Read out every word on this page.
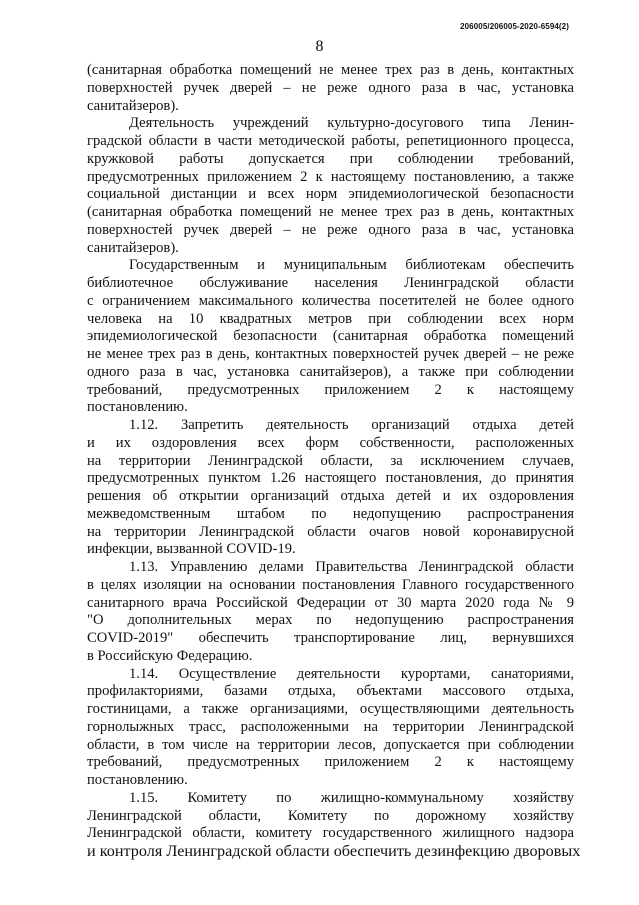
206005/206005-2020-6594(2)
8
(санитарная обработка помещений не менее трех раз в день, контактных
поверхностей ручек дверей – не реже одного раза в час, установка
санитайзеров).
Деятельность учреждений культурно-досугового типа Ленин-
градской области в части методической работы, репетиционного процесса,
кружковой работы допускается при соблюдении требований,
предусмотренных приложением 2 к настоящему постановлению, а также
социальной дистанции и всех норм эпидемиологической безопасности
(санитарная обработка помещений не менее трех раз в день, контактных
поверхностей ручек дверей – не реже одного раза в час, установка
санитайзеров).
Государственным и муниципальным библиотекам обеспечить
библиотечное обслуживание населения Ленинградской области
с ограничением максимального количества посетителей не более одного
человека на 10 квадратных метров при соблюдении всех норм
эпидемиологической безопасности (санитарная обработка помещений
не менее трех раз в день, контактных поверхностей ручек дверей – не реже
одного раза в час, установка санитайзеров), а также при соблюдении
требований, предусмотренных приложением 2 к настоящему
постановлению.
1.12. Запретить деятельность организаций отдыха детей
и их оздоровления всех форм собственности, расположенных
на территории Ленинградской области, за исключением случаев,
предусмотренных пунктом 1.26 настоящего постановления, до принятия
решения об открытии организаций отдыха детей и их оздоровления
межведомственным штабом по недопущению распространения
на территории Ленинградской области очагов новой коронавирусной
инфекции, вызванной COVID-19.
1.13. Управлению делами Правительства Ленинградской области
в целях изоляции на основании постановления Главного государственного
санитарного врача Российской Федерации от 30 марта 2020 года № 9
"О дополнительных мерах по недопущению распространения
COVID-2019" обеспечить транспортирование лиц, вернувшихся
в Российскую Федерацию.
1.14. Осуществление деятельности курортами, санаториями,
профилакториями, базами отдыха, объектами массового отдыха,
гостиницами, а также организациями, осуществляющими деятельность
горнолыжных трасс, расположенными на территории Ленинградской
области, в том числе на территории лесов, допускается при соблюдении
требований, предусмотренных приложением 2 к настоящему
постановлению.
1.15. Комитету по жилищно-коммунальному хозяйству
Ленинградской области, Комитету по дорожному хозяйству
Ленинградской области, комитету государственного жилищного надзора
и контроля Ленинградской области обеспечить дезинфекцию дворовых
